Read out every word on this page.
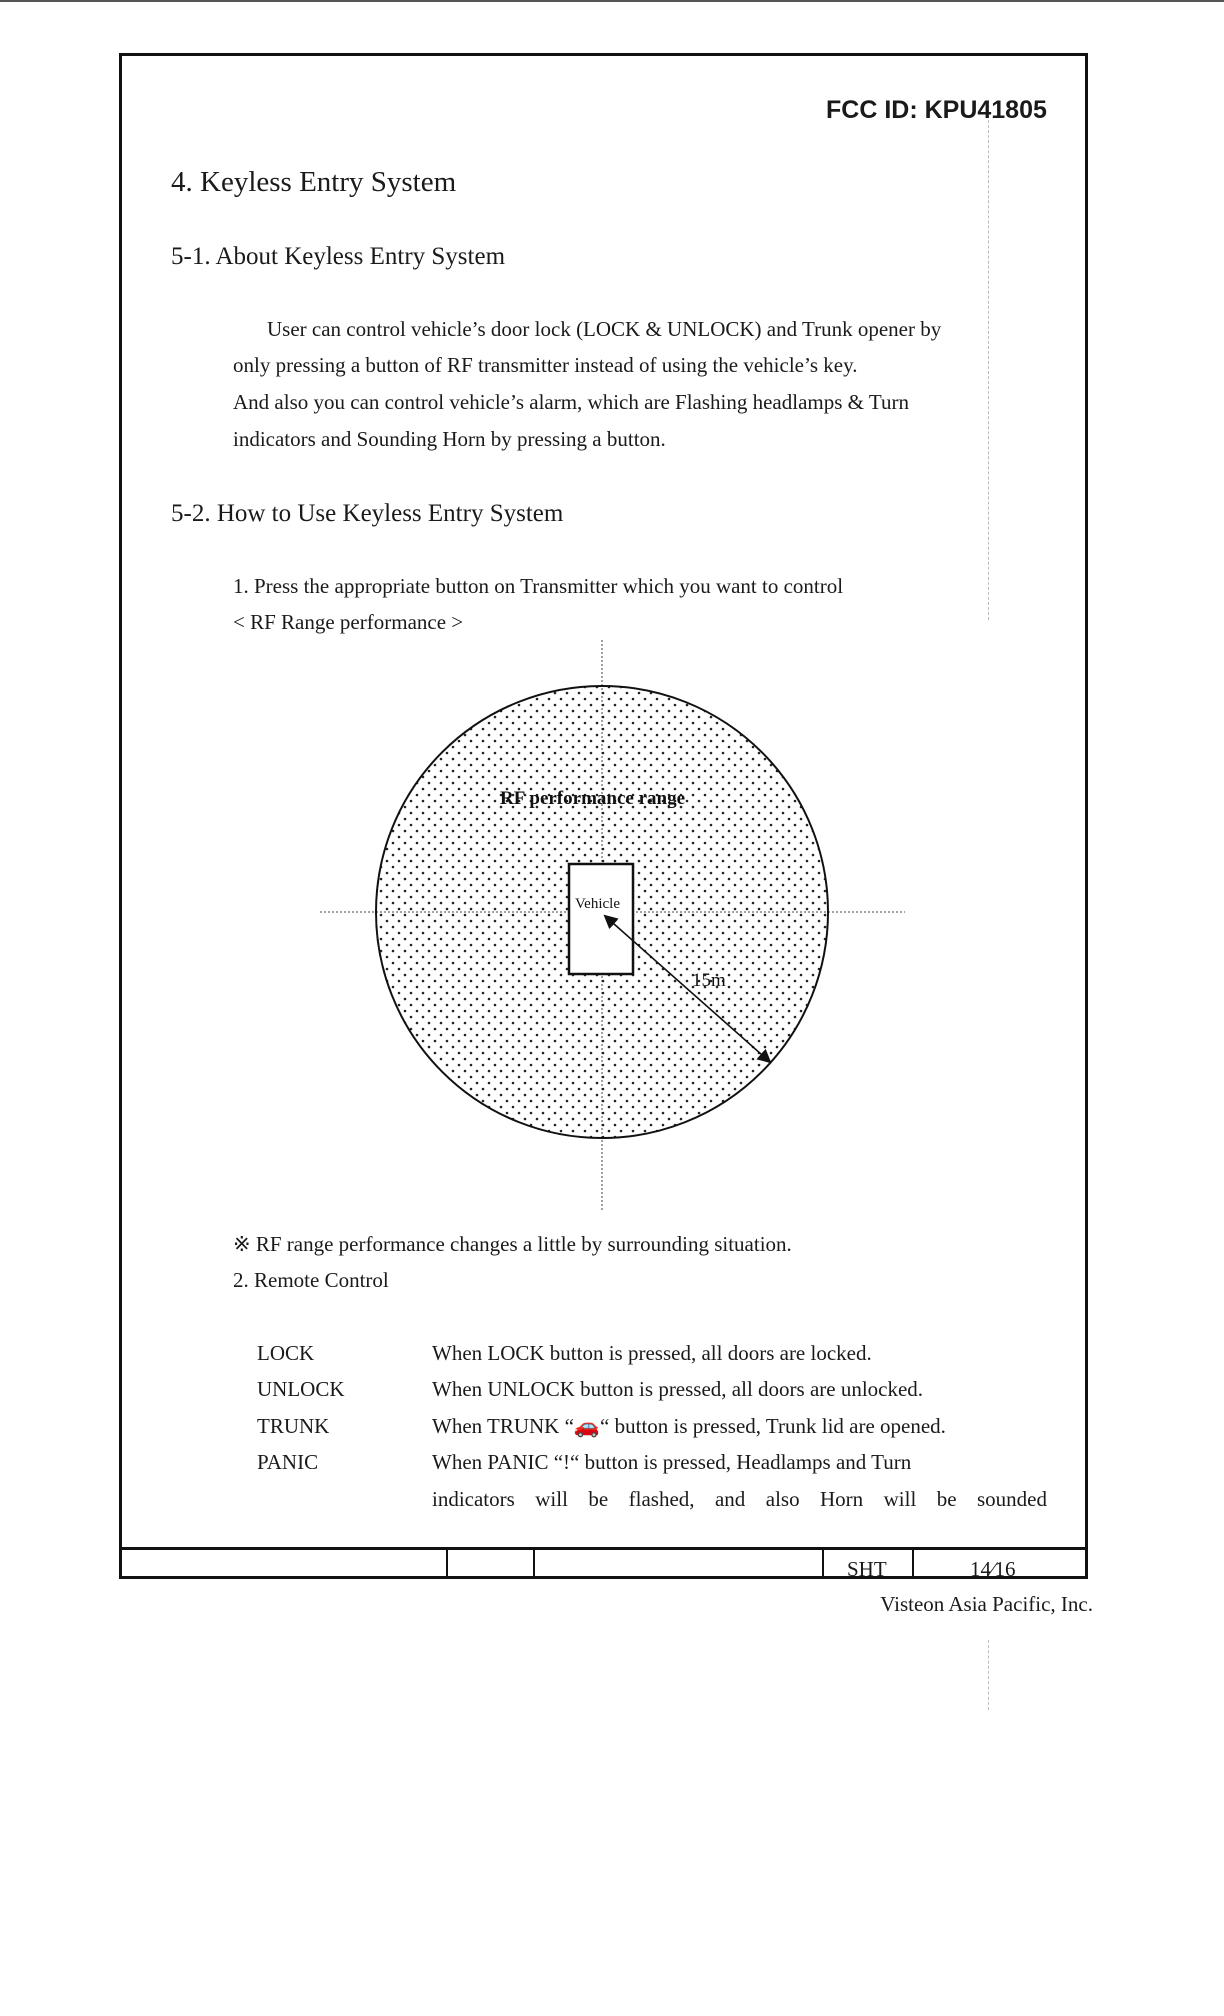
FCC ID: KPU41805
4. Keyless Entry System
5-1. About Keyless Entry System
User can control vehicle’s door lock (LOCK & UNLOCK) and Trunk opener by
only pressing a button of RF transmitter instead of using the vehicle’s key.
And also you can control vehicle’s alarm, which are Flashing headlamps & Turn
indicators and Sounding Horn by pressing a button.
5-2. How to Use Keyless Entry System
1. Press the appropriate button on Transmitter which you want to control
< RF Range performance >
RF performance range
Vehicle
15m
※ RF range performance changes a little by surrounding situation.
2. Remote Control
LOCK	When LOCK button is pressed, all doors are locked.
UNLOCK	When UNLOCK button is pressed, all doors are unlocked.
TRUNK	When TRUNK “🚗“ button is pressed, Trunk lid are opened.
PANIC	When PANIC “!“ button is pressed, Headlamps and Turn
indicators will be flashed, and also Horn will be sounded
SHT	14∕16
Visteon Asia Pacific, Inc.
